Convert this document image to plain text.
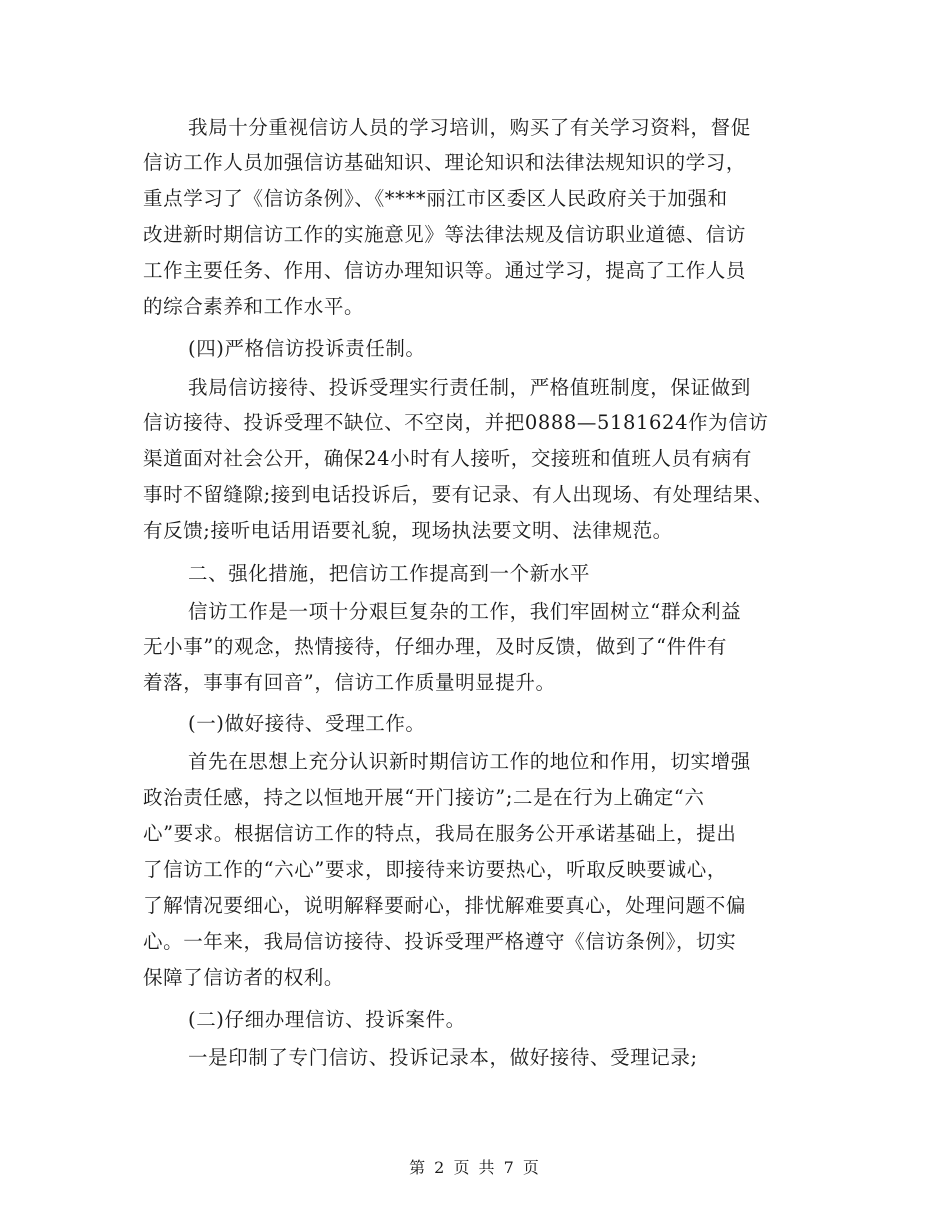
我局十分重视信访人员的学习培训，购买了有关学习资料，督促
信访工作人员加强信访基础知识、理论知识和法律法规知识的学习，
重点学习了《信访条例》、《****丽江市区委区人民政府关于加强和
改进新时期信访工作的实施意见》等法律法规及信访职业道德、信访
工作主要任务、作用、信访办理知识等。通过学习，提高了工作人员
的综合素养和工作水平。
(四)严格信访投诉责任制。
我局信访接待、投诉受理实行责任制，严格值班制度，保证做到
信访接待、投诉受理不缺位、不空岗，并把0888—5181624作为信访
渠道面对社会公开，确保24小时有人接听，交接班和值班人员有病有
事时不留缝隙;接到电话投诉后，要有记录、有人出现场、有处理结果、
有反馈;接听电话用语要礼貌，现场执法要文明、法律规范。
二、强化措施，把信访工作提高到一个新水平
信访工作是一项十分艰巨复杂的工作，我们牢固树立“群众利益
无小事”的观念，热情接待，仔细办理，及时反馈，做到了“件件有
着落，事事有回音”，信访工作质量明显提升。
(一)做好接待、受理工作。
首先在思想上充分认识新时期信访工作的地位和作用，切实增强
政治责任感，持之以恒地开展“开门接访”;二是在行为上确定“六
心”要求。根据信访工作的特点，我局在服务公开承诺基础上，提出
了信访工作的“六心”要求，即接待来访要热心，听取反映要诚心，
了解情况要细心，说明解释要耐心，排忧解难要真心，处理问题不偏
心。一年来，我局信访接待、投诉受理严格遵守《信访条例》，切实
保障了信访者的权利。
(二)仔细办理信访、投诉案件。
一是印制了专门信访、投诉记录本，做好接待、受理记录;
第 2 页 共 7 页
